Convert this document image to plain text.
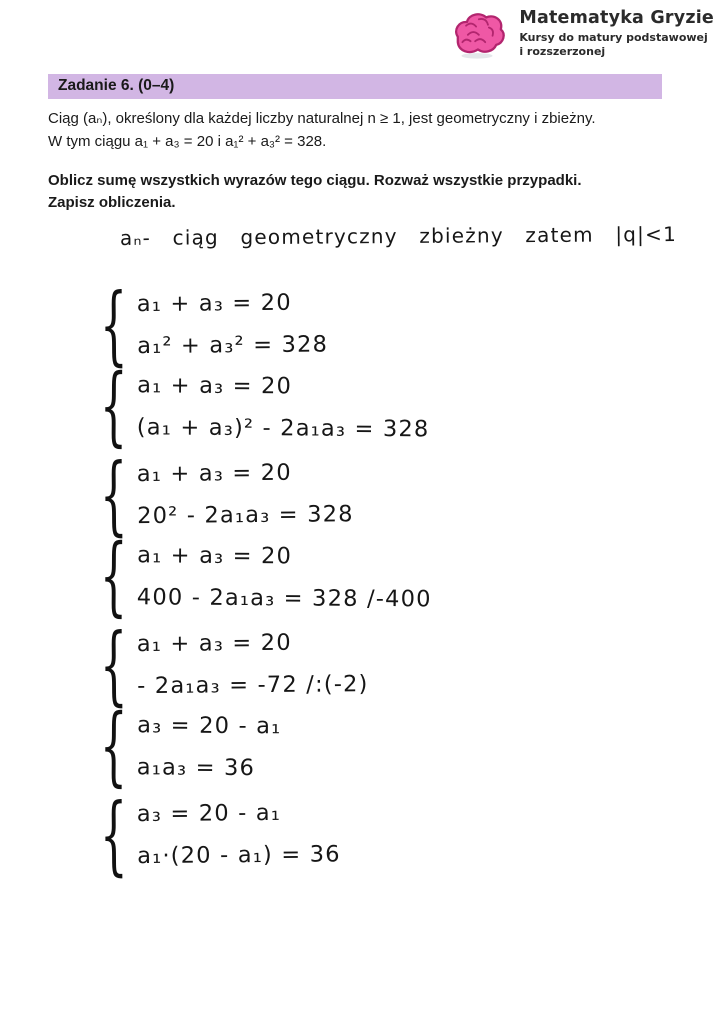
Matematyka Gryzie
Kursy do matury podstawowej
i rozszerzonej
Zadanie 6. (0–4)
Ciąg (aₙ), określony dla każdej liczby naturalnej n ≥ 1, jest geometryczny i zbieżny.
W tym ciągu a₁ + a₃ = 20 i a₁² + a₃² = 328.
Oblicz sumę wszystkich wyrazów tego ciągu. Rozważ wszystkie przypadki.
Zapisz obliczenia.
aₙ- ciąg geometryczny zbieżny zatem |q|<1
{ a₁ + a₃ = 20
a₁² + a₃² = 328
{ a₁ + a₃ = 20
(a₁ + a₃)² - 2a₁a₃ = 328
{ a₁ + a₃ = 20
20² - 2a₁a₃ = 328
{ a₁ + a₃ = 20
400 - 2a₁a₃ = 328 /-400
{ a₁ + a₃ = 20
- 2a₁a₃ = -72 /:(-2)
{ a₃ = 20 - a₁
a₁a₃ = 36
{ a₃ = 20 - a₁
a₁·(20 - a₁) = 36
